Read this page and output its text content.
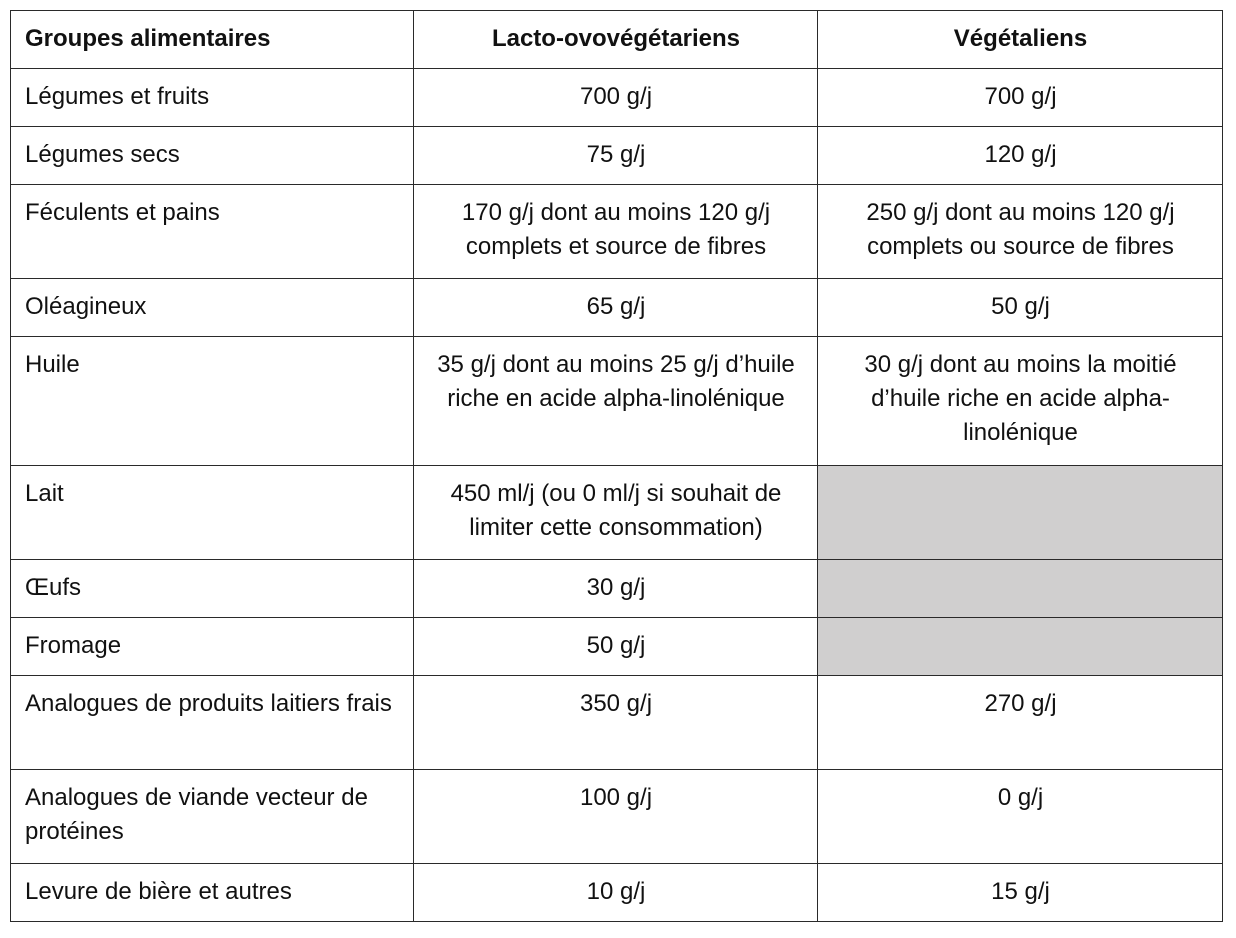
Groupes alimentaires	Lacto-ovovégétariens	Végétaliens
Légumes et fruits	700 g/j	700 g/j
Légumes secs	75 g/j	120 g/j
Féculents et pains	170 g/j dont au moins 120 g/j complets et source de fibres	250 g/j dont au moins 120 g/j complets ou source de fibres
Oléagineux	65 g/j	50 g/j
Huile	35 g/j dont au moins 25 g/j d’huile riche en acide alpha-linolénique	30 g/j dont au moins la moitié d’huile riche en acide alpha-linolénique
Lait	450 ml/j (ou 0 ml/j si souhait de limiter cette consommation)	
Œufs	30 g/j	
Fromage	50 g/j	
Analogues de produits laitiers frais	350 g/j	270 g/j
Analogues de viande vecteur de protéines	100 g/j	0 g/j
Levure de bière et autres	10 g/j	15 g/j
